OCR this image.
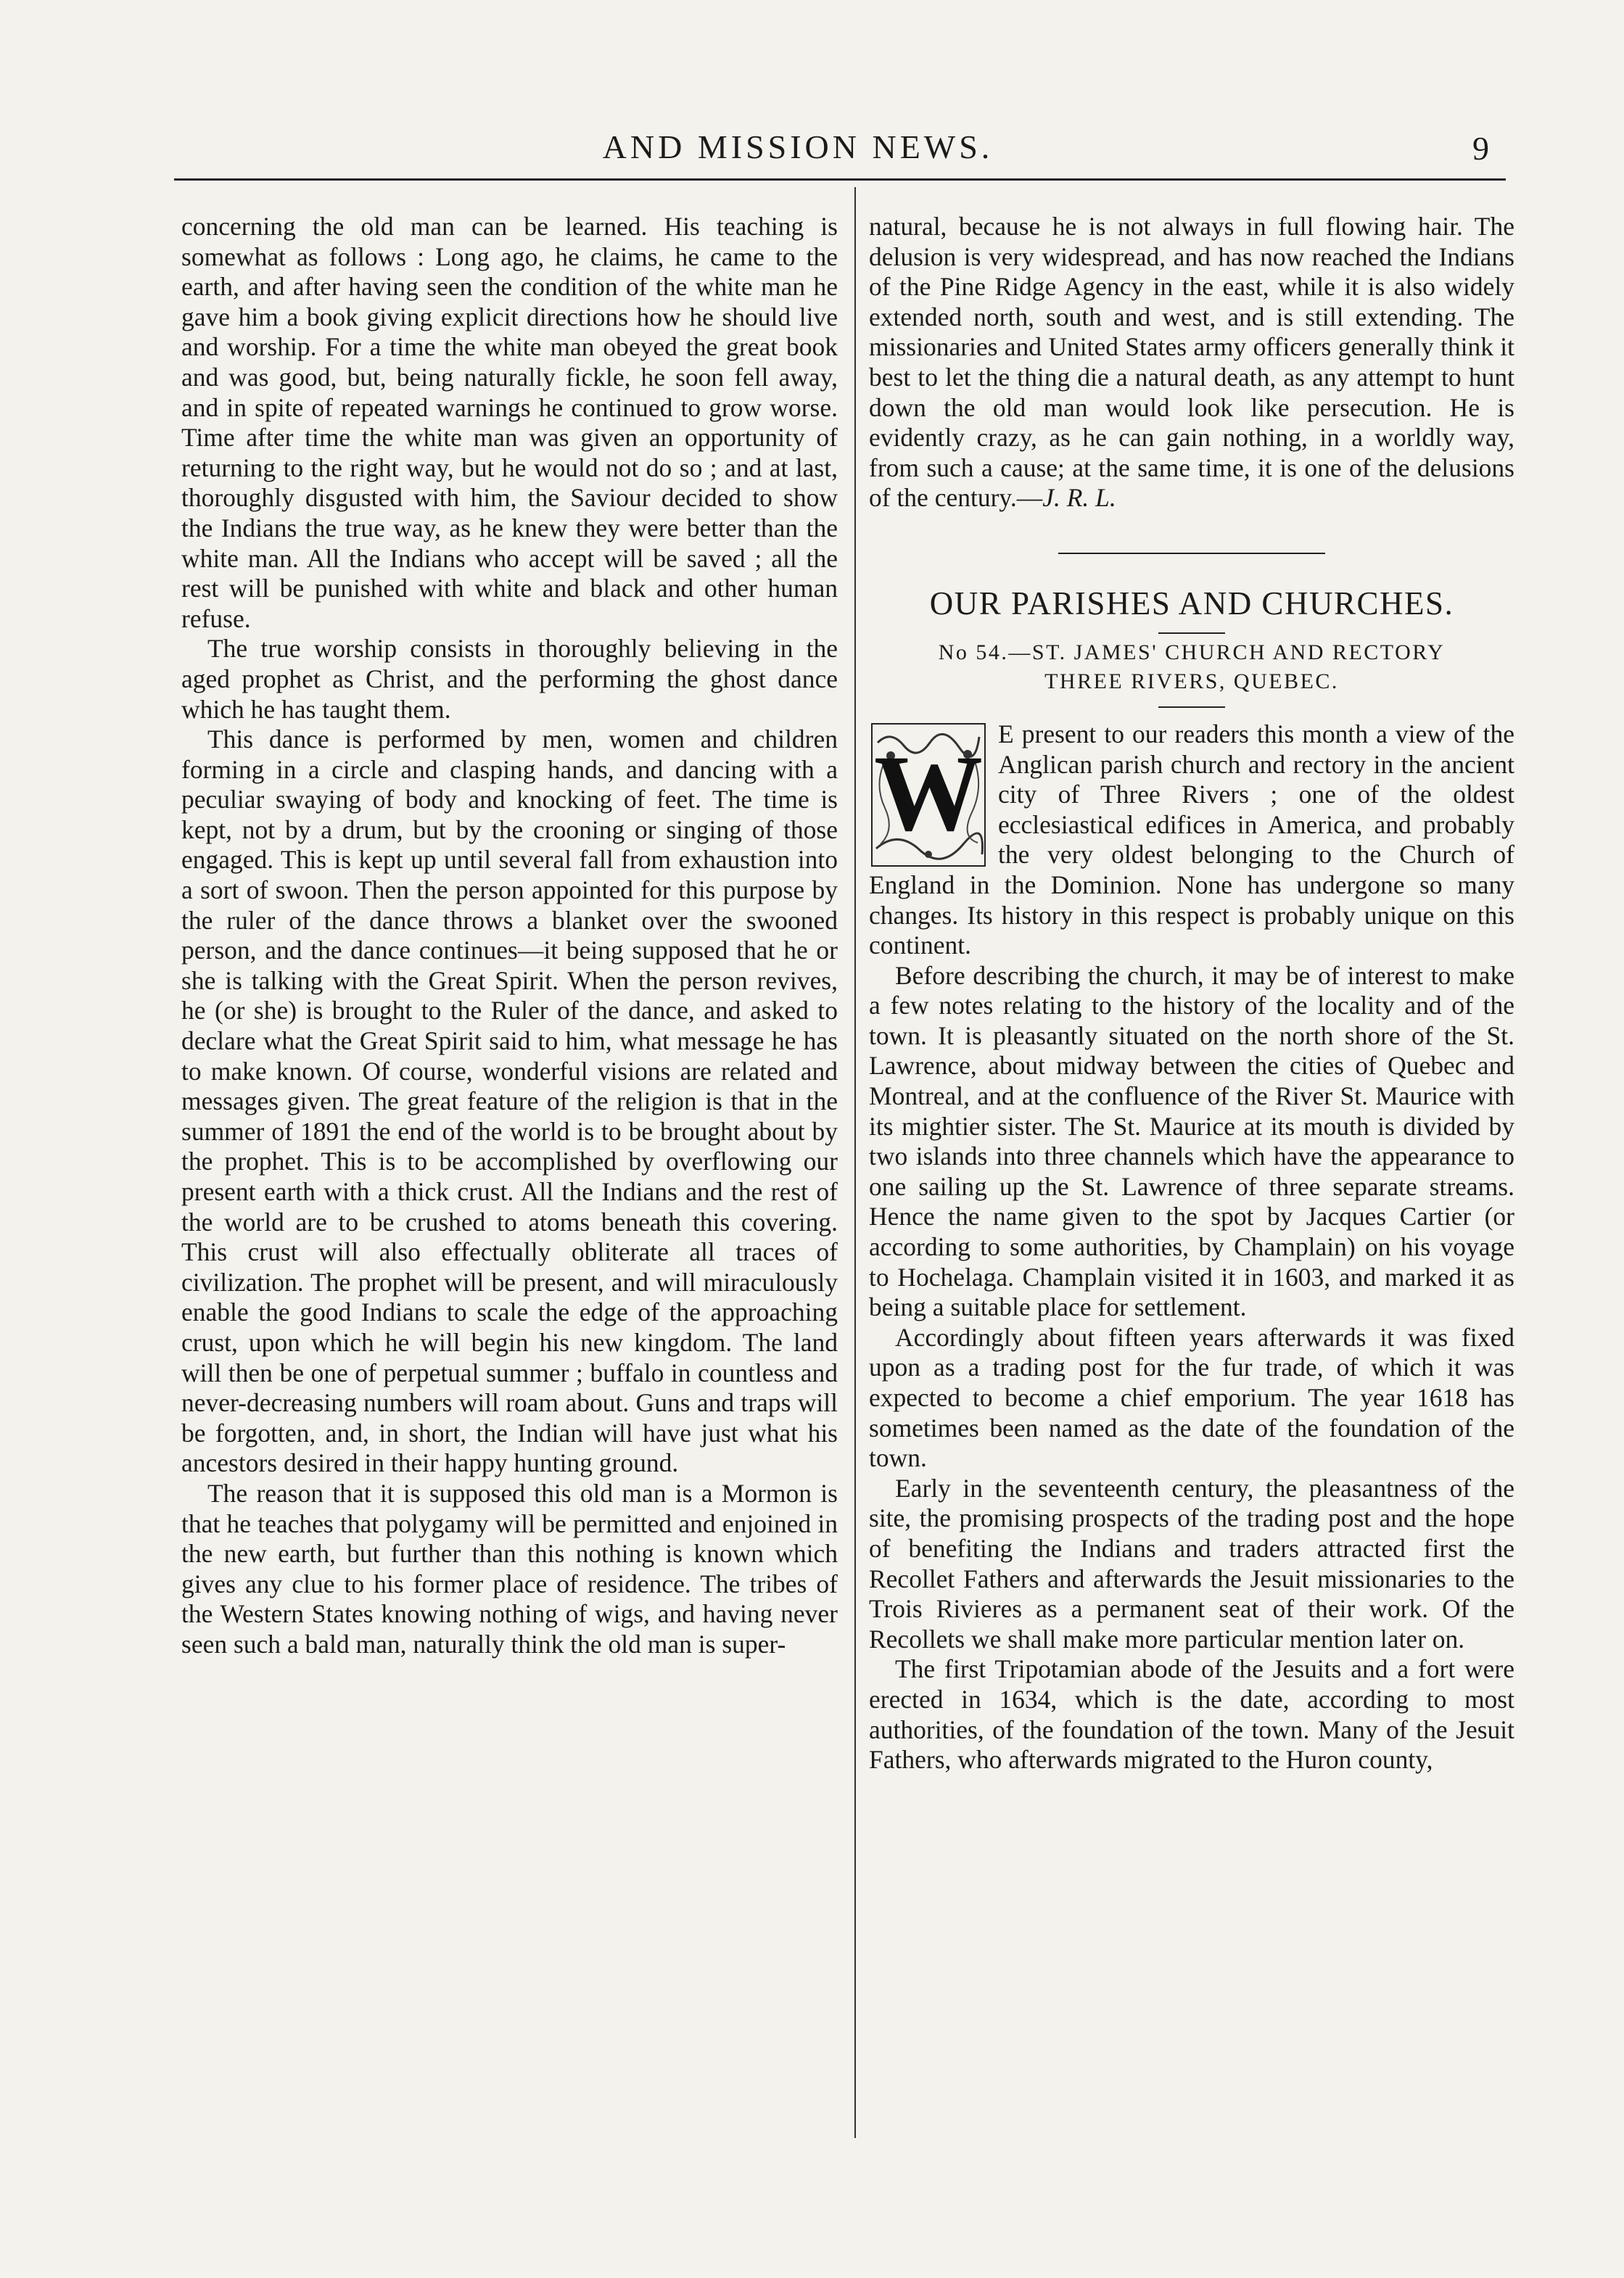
AND MISSION NEWS.	9

concerning the old man can be learned. His teaching is somewhat as follows : Long ago, he claims, he came to the earth, and after having seen the condition of the white man he gave him a book giving explicit directions how he should live and worship. For a time the white man obeyed the great book and was good, but, being naturally fickle, he soon fell away, and in spite of repeated warnings he continued to grow worse. Time after time the white man was given an opportunity of returning to the right way, but he would not do so ; and at last, thoroughly disgusted with him, the Saviour decided to show the Indians the true way, as he knew they were better than the white man. All the Indians who accept will be saved ; all the rest will be punished with white and black and other human refuse.

The true worship consists in thoroughly believing in the aged prophet as Christ, and the performing the ghost dance which he has taught them.

This dance is performed by men, women and children forming in a circle and clasping hands, and dancing with a peculiar swaying of body and knocking of feet. The time is kept, not by a drum, but by the crooning or singing of those engaged. This is kept up until several fall from exhaustion into a sort of swoon. Then the person appointed for this purpose by the ruler of the dance throws a blanket over the swooned person, and the dance continues—it being supposed that he or she is talking with the Great Spirit. When the person revives, he (or she) is brought to the Ruler of the dance, and asked to declare what the Great Spirit said to him, what message he has to make known. Of course, wonderful visions are related and messages given. The great feature of the religion is that in the summer of 1891 the end of the world is to be brought about by the prophet. This is to be accomplished by overflowing our present earth with a thick crust. All the Indians and the rest of the world are to be crushed to atoms beneath this covering. This crust will also effectually obliterate all traces of civilization. The prophet will be present, and will miraculously enable the good Indians to scale the edge of the approaching crust, upon which he will begin his new kingdom. The land will then be one of perpetual summer ; buffalo in countless and never-decreasing numbers will roam about. Guns and traps will be forgotten, and, in short, the Indian will have just what his ancestors desired in their happy hunting ground.

The reason that it is supposed this old man is a Mormon is that he teaches that polygamy will be permitted and enjoined in the new earth, but further than this nothing is known which gives any clue to his former place of residence. The tribes of the Western States knowing nothing of wigs, and having never seen such a bald man, naturally think the old man is super-

natural, because he is not always in full flowing hair. The delusion is very widespread, and has now reached the Indians of the Pine Ridge Agency in the east, while it is also widely extended north, south and west, and is still extending. The missionaries and United States army officers generally think it best to let the thing die a natural death, as any attempt to hunt down the old man would look like persecution. He is evidently crazy, as he can gain nothing, in a worldly way, from such a cause; at the same time, it is one of the delusions of the century.—J. R. L.

OUR PARISHES AND CHURCHES.
No 54.—ST. JAMES' CHURCH AND RECTORY
THREE RIVERS, QUEBEC.
W E present to our readers this month a view of the Anglican parish church and rectory in the ancient city of Three Rivers ; one of the oldest ecclesiastical edifices in America, and probably the very oldest belonging to the Church of England in the Dominion. None has undergone so many changes. Its history in this respect is probably unique on this continent.

Before describing the church, it may be of interest to make a few notes relating to the history of the locality and of the town. It is pleasantly situated on the north shore of the St. Lawrence, about midway between the cities of Quebec and Montreal, and at the confluence of the River St. Maurice with its mightier sister. The St. Maurice at its mouth is divided by two islands into three channels which have the appearance to one sailing up the St. Lawrence of three separate streams. Hence the name given to the spot by Jacques Cartier (or according to some authorities, by Champlain) on his voyage to Hochelaga. Champlain visited it in 1603, and marked it as being a suitable place for settlement.

Accordingly about fifteen years afterwards it was fixed upon as a trading post for the fur trade, of which it was expected to become a chief emporium. The year 1618 has sometimes been named as the date of the foundation of the town.

Early in the seventeenth century, the pleasantness of the site, the promising prospects of the trading post and the hope of benefiting the Indians and traders attracted first the Recollet Fathers and afterwards the Jesuit missionaries to the Trois Rivieres as a permanent seat of their work. Of the Recollets we shall make more particular mention later on.

The first Tripotamian abode of the Jesuits and a fort were erected in 1634, which is the date, according to most authorities, of the foundation of the town. Many of the Jesuit Fathers, who afterwards migrated to the Huron county,
